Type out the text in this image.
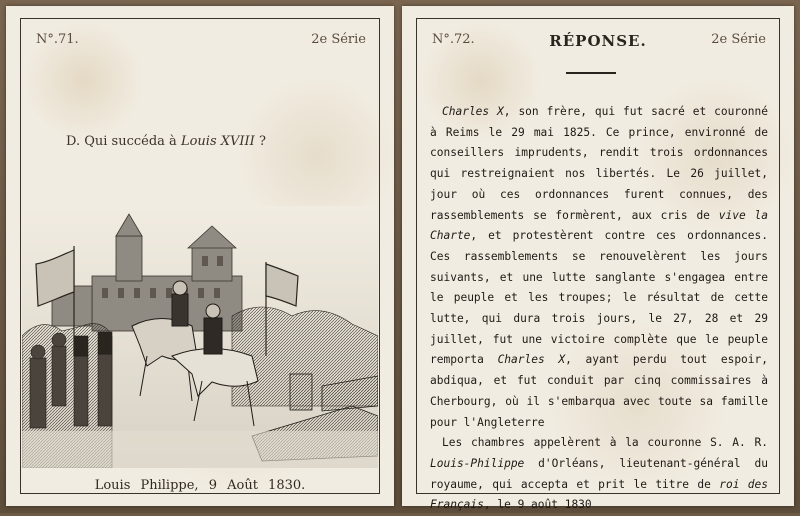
N°.71.	2e Série
D. Qui succéda à Louis XVIII ?
Louis Philippe, 9 Août 1830.
N°.72.	RÉPONSE.	2e Série

Charles X, son frère, qui fut sacré et couronné à Reims le 29 mai 1825. Ce prince, environné de conseillers imprudents, rendit trois ordonnances qui restreignaient nos libertés. Le 26 juillet, jour où ces ordonnances furent connues, des rassemblements se formèrent, aux cris de vive la Charte, et protestèrent contre ces ordonnances. Ces rassemblements se renouvelèrent les jours suivants, et une lutte sanglante s'engagea entre le peuple et les troupes; le résultat de cette lutte, qui dura trois jours, le 27, 28 et 29 juillet, fut une victoire complète que le peuple remporta Charles X, ayant perdu tout espoir, abdiqua, et fut conduit par cinq commissaires à Cherbourg, où il s'embarqua avec toute sa famille pour l'Angleterre

Les chambres appelèrent à la couronne S. A. R. Louis-Philippe d'Orléans, lieutenant-général du royaume, qui accepta et prit le titre de roi des Français, le 9 août 1830
